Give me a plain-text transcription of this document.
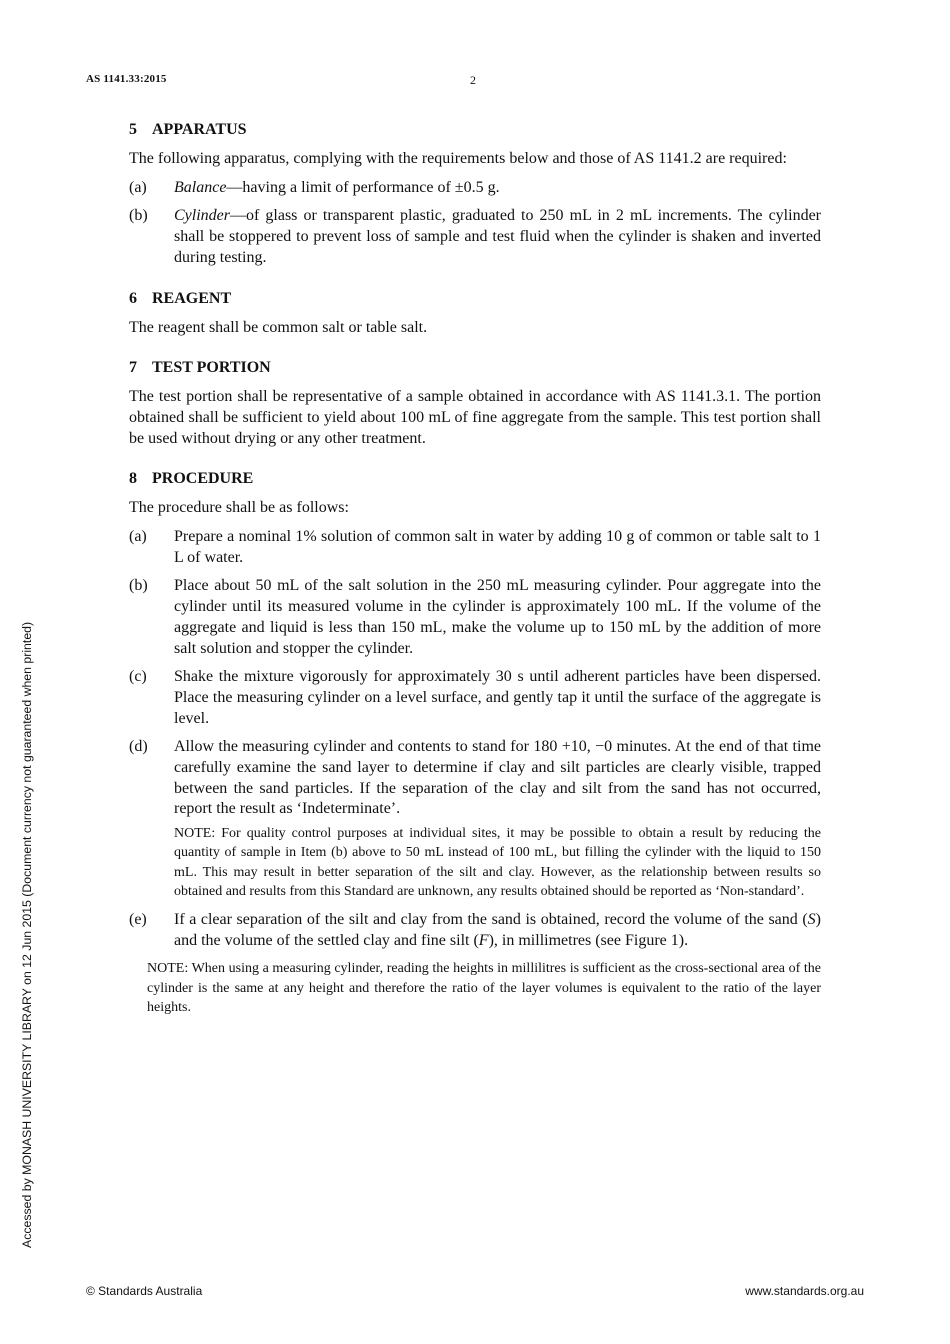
AS 1141.33:2015	2
5 APPARATUS

The following apparatus, complying with the requirements below and those of AS 1141.2 are required:

(a) Balance—having a limit of performance of ±0.5 g.
(b) Cylinder—of glass or transparent plastic, graduated to 250 mL in 2 mL increments. The cylinder shall be stoppered to prevent loss of sample and test fluid when the cylinder is shaken and inverted during testing.
6 REAGENT

The reagent shall be common salt or table salt.

7 TEST PORTION

The test portion shall be representative of a sample obtained in accordance with AS 1141.3.1. The portion obtained shall be sufficient to yield about 100 mL of fine aggregate from the sample. This test portion shall be used without drying or any other treatment.

8 PROCEDURE

The procedure shall be as follows:

(a) Prepare a nominal 1% solution of common salt in water by adding 10 g of common or table salt to 1 L of water.
(b) Place about 50 mL of the salt solution in the 250 mL measuring cylinder. Pour aggregate into the cylinder until its measured volume in the cylinder is approximately 100 mL. If the volume of the aggregate and liquid is less than 150 mL, make the volume up to 150 mL by the addition of more salt solution and stopper the cylinder.
(c) Shake the mixture vigorously for approximately 30 s until adherent particles have been dispersed. Place the measuring cylinder on a level surface, and gently tap it until the surface of the aggregate is level.
(d) Allow the measuring cylinder and contents to stand for 180 +10, −0 minutes. At the end of that time carefully examine the sand layer to determine if clay and silt particles are clearly visible, trapped between the sand particles. If the separation of the clay and silt from the sand has not occurred, report the result as ‘Indeterminate’.
NOTE: For quality control purposes at individual sites, it may be possible to obtain a result by reducing the quantity of sample in Item (b) above to 50 mL instead of 100 mL, but filling the cylinder with the liquid to 150 mL. This may result in better separation of the silt and clay. However, as the relationship between results so obtained and results from this Standard are unknown, any results obtained should be reported as ‘Non-standard’.
(e) If a clear separation of the silt and clay from the sand is obtained, record the volume of the sand (S) and the volume of the settled clay and fine silt (F), in millimetres (see Figure 1).
NOTE: When using a measuring cylinder, reading the heights in millilitres is sufficient as the cross-sectional area of the cylinder is the same at any height and therefore the ratio of the layer volumes is equivalent to the ratio of the layer heights.
Accessed by MONASH UNIVERSITY LIBRARY on 12 Jun 2015 (Document currency not guaranteed when printed)
© Standards Australia	www.standards.org.au
